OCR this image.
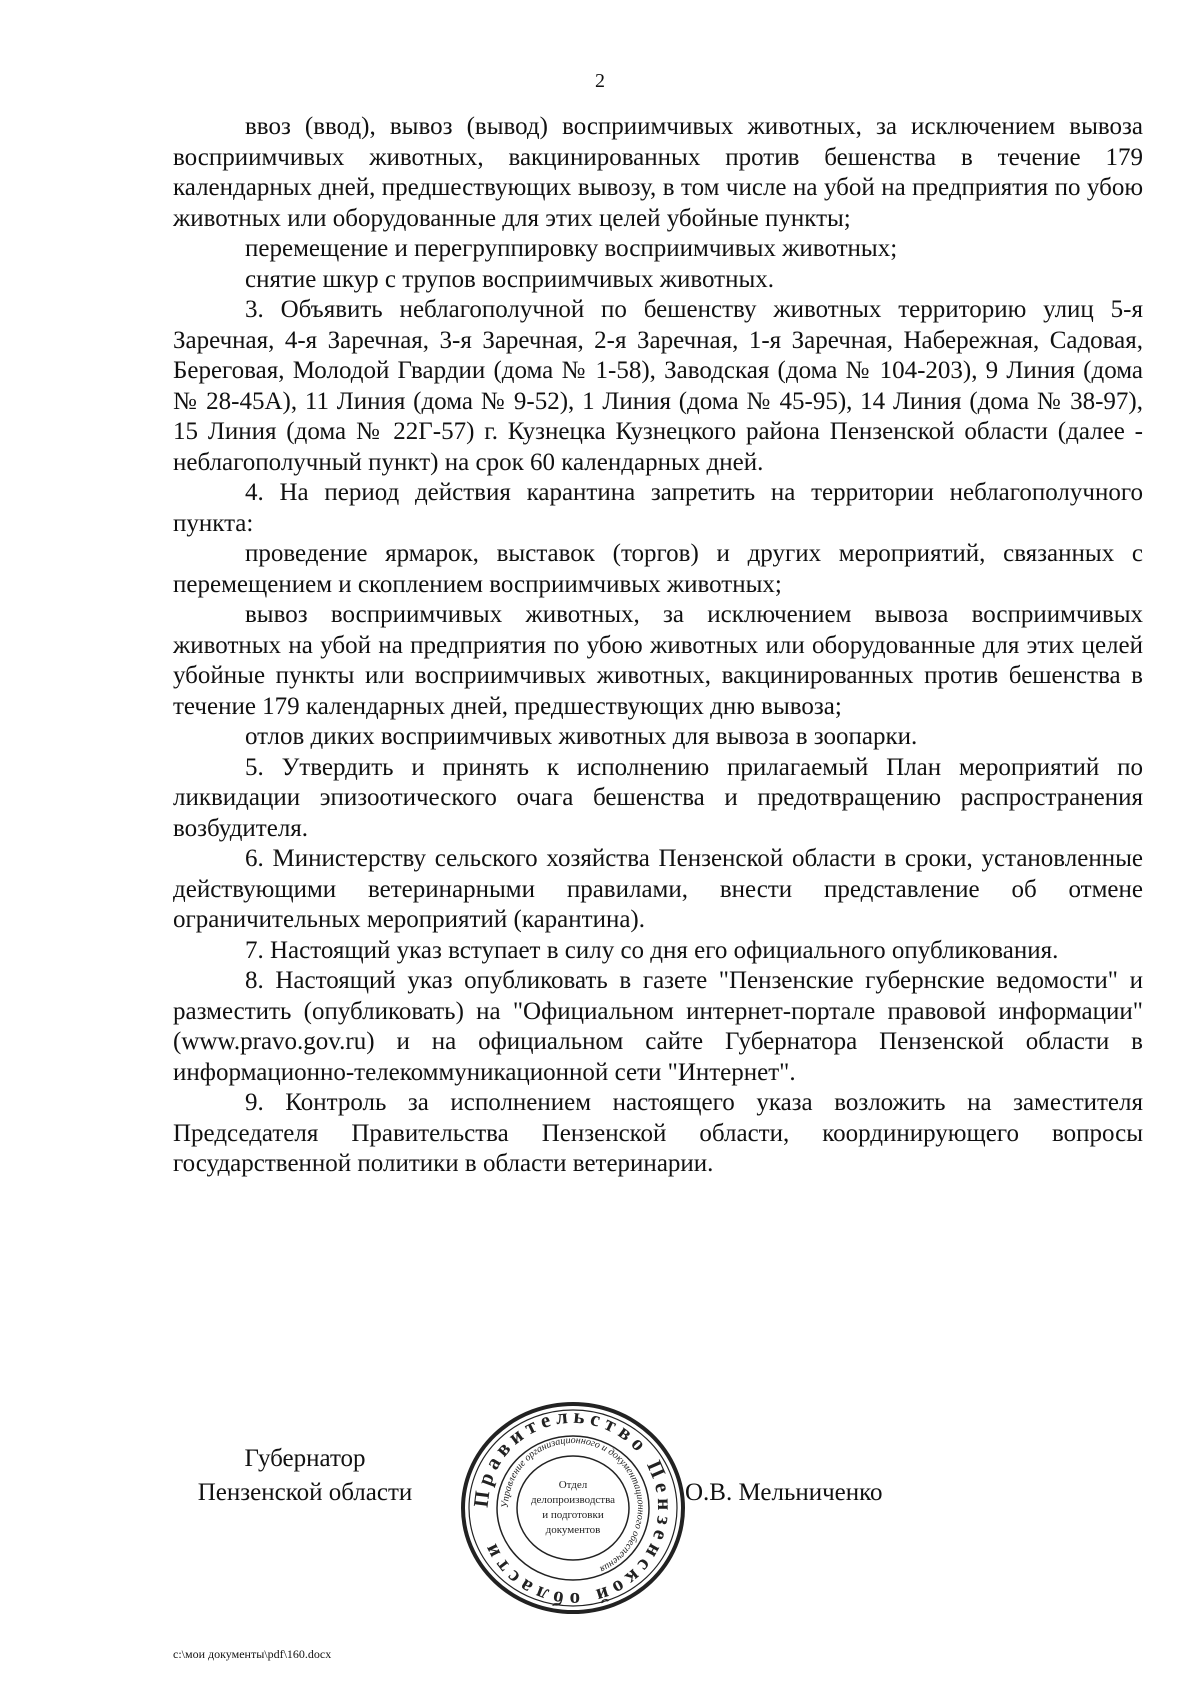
2

ввоз (ввод), вывоз (вывод) восприимчивых животных, за исключением вывоза восприимчивых животных, вакцинированных против бешенства в течение 179 календарных дней, предшествующих вывозу, в том числе на убой на предприятия по убою животных или оборудованные для этих целей убойные пункты;

перемещение и перегруппировку восприимчивых животных;

снятие шкур с трупов восприимчивых животных.

3. Объявить неблагополучной по бешенству животных территорию улиц 5-я Заречная, 4-я Заречная, 3-я Заречная, 2-я Заречная, 1-я Заречная, Набережная, Садовая, Береговая, Молодой Гвардии (дома № 1-58), Заводская (дома № 104-203), 9 Линия (дома № 28-45А), 11 Линия (дома № 9-52), 1 Линия (дома № 45-95), 14 Линия (дома № 38-97), 15 Линия (дома № 22Г-57) г. Кузнецка Кузнецкого района Пензенской области (далее - неблагополучный пункт) на срок 60 календарных дней.

4. На период действия карантина запретить на территории неблагополучного пункта:

проведение ярмарок, выставок (торгов) и других мероприятий, связанных с перемещением и скоплением восприимчивых животных;

вывоз восприимчивых животных, за исключением вывоза восприимчивых животных на убой на предприятия по убою животных или оборудованные для этих целей убойные пункты или восприимчивых животных, вакцинированных против бешенства в течение 179 календарных дней, предшествующих дню вывоза;

отлов диких восприимчивых животных для вывоза в зоопарки.

5. Утвердить и принять к исполнению прилагаемый План мероприятий по ликвидации эпизоотического очага бешенства и предотвращению распространения возбудителя.

6. Министерству сельского хозяйства Пензенской области в сроки, установленные действующими ветеринарными правилами, внести представление об отмене ограничительных мероприятий (карантина).

7. Настоящий указ вступает в силу со дня его официального опубликования.

8. Настоящий указ опубликовать в газете "Пензенские губернские ведомости" и разместить (опубликовать) на "Официальном интернет-портале правовой информации" (www.pravo.gov.ru) и на официальном сайте Губернатора Пензенской области в информационно-телекоммуникационной сети "Интернет".

9. Контроль за исполнением настоящего указа возложить на заместителя Председателя Правительства Пензенской области, координирующего вопросы государственной политики в области ветеринарии.

Губернатор
Пензенской области	Правительство Пензенской области
Управление организационного и документационного обеспечения
Отдел
делопроизводства
и подготовки
документов
О.В. Мельниченко
c:\мои документы\pdf\160.docx
